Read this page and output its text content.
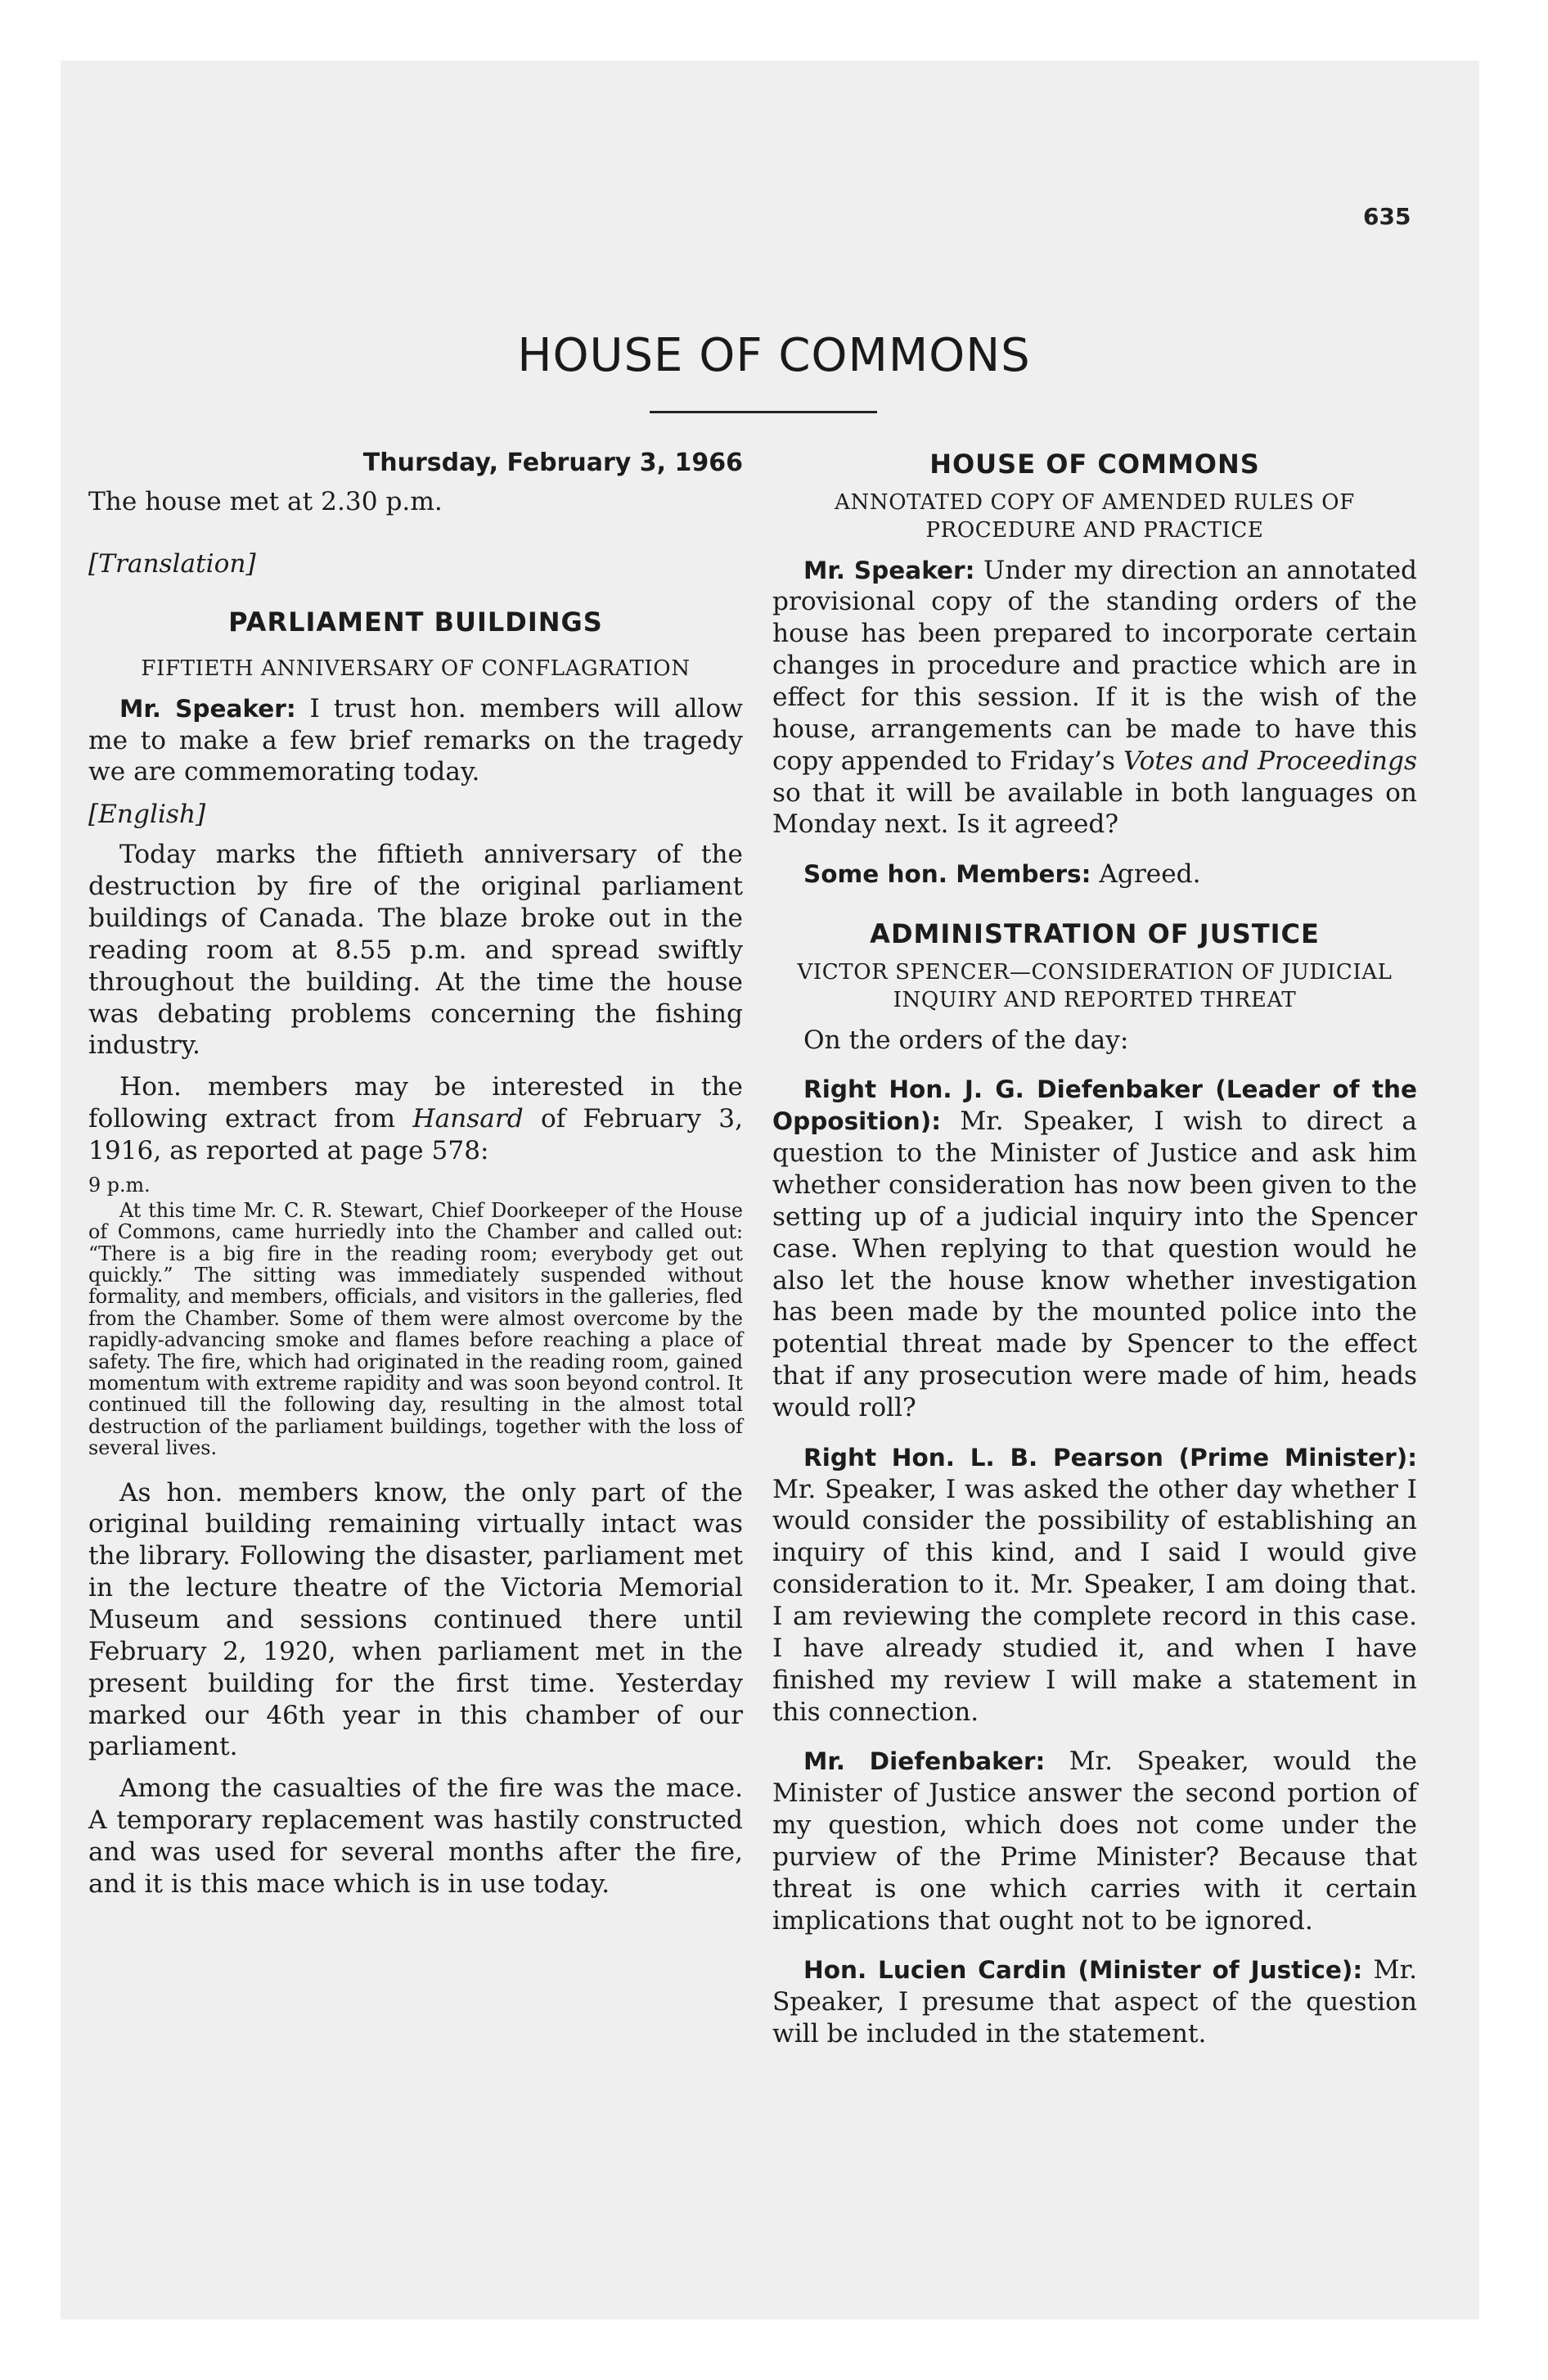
635
HOUSE OF COMMONS
Thursday, February 3, 1966
The house met at 2.30 p.m.
[Translation]
PARLIAMENT BUILDINGS
FIFTIETH ANNIVERSARY OF CONFLAGRATION

Mr. Speaker: I trust hon. members will allow me to make a few brief remarks on the tragedy we are commemorating today.

[English]

Today marks the fiftieth anniversary of the destruction by fire of the original parliament buildings of Canada. The blaze broke out in the reading room at 8.55 p.m. and spread swiftly throughout the building. At the time the house was debating problems concerning the fishing industry.

Hon. members may be interested in the following extract from Hansard of February 3, 1916, as reported at page 578:

9 p.m.

At this time Mr. C. R. Stewart, Chief Doorkeeper of the House of Commons, came hurriedly into the Chamber and called out: “There is a big fire in the reading room; everybody get out quickly.” The sitting was immediately suspended without formality, and members, officials, and visitors in the galleries, fled from the Chamber. Some of them were almost overcome by the rapidly-advancing smoke and flames before reaching a place of safety. The fire, which had originated in the reading room, gained momentum with extreme rapidity and was soon beyond control. It continued till the following day, resulting in the almost total destruction of the parliament buildings, together with the loss of several lives.

As hon. members know, the only part of the original building remaining virtually intact was the library. Following the disaster, parliament met in the lecture theatre of the Victoria Memorial Museum and sessions continued there until February 2, 1920, when parliament met in the present building for the first time. Yesterday marked our 46th year in this chamber of our parliament.

Among the casualties of the fire was the mace. A temporary replacement was hastily constructed and was used for several months after the fire, and it is this mace which is in use today.

HOUSE OF COMMONS
ANNOTATED COPY OF AMENDED RULES OF PROCEDURE AND PRACTICE

Mr. Speaker: Under my direction an annotated provisional copy of the standing orders of the house has been prepared to incorporate certain changes in procedure and practice which are in effect for this session. If it is the wish of the house, arrangements can be made to have this copy appended to Friday’s Votes and Proceedings so that it will be available in both languages on Monday next. Is it agreed?

Some hon. Members: Agreed.

ADMINISTRATION OF JUSTICE
VICTOR SPENCER—CONSIDERATION OF JUDICIAL INQUIRY AND REPORTED THREAT

On the orders of the day:

Right Hon. J. G. Diefenbaker (Leader of the Opposition): Mr. Speaker, I wish to direct a question to the Minister of Justice and ask him whether consideration has now been given to the setting up of a judicial inquiry into the Spencer case. When replying to that question would he also let the house know whether investigation has been made by the mounted police into the potential threat made by Spencer to the effect that if any prosecution were made of him, heads would roll?

Right Hon. L. B. Pearson (Prime Minister): Mr. Speaker, I was asked the other day whether I would consider the possibility of establishing an inquiry of this kind, and I said I would give consideration to it. Mr. Speaker, I am doing that. I am reviewing the complete record in this case. I have already studied it, and when I have finished my review I will make a statement in this connection.

Mr. Diefenbaker: Mr. Speaker, would the Minister of Justice answer the second portion of my question, which does not come under the purview of the Prime Minister? Because that threat is one which carries with it certain implications that ought not to be ignored.

Hon. Lucien Cardin (Minister of Justice): Mr. Speaker, I presume that aspect of the question will be included in the statement.
